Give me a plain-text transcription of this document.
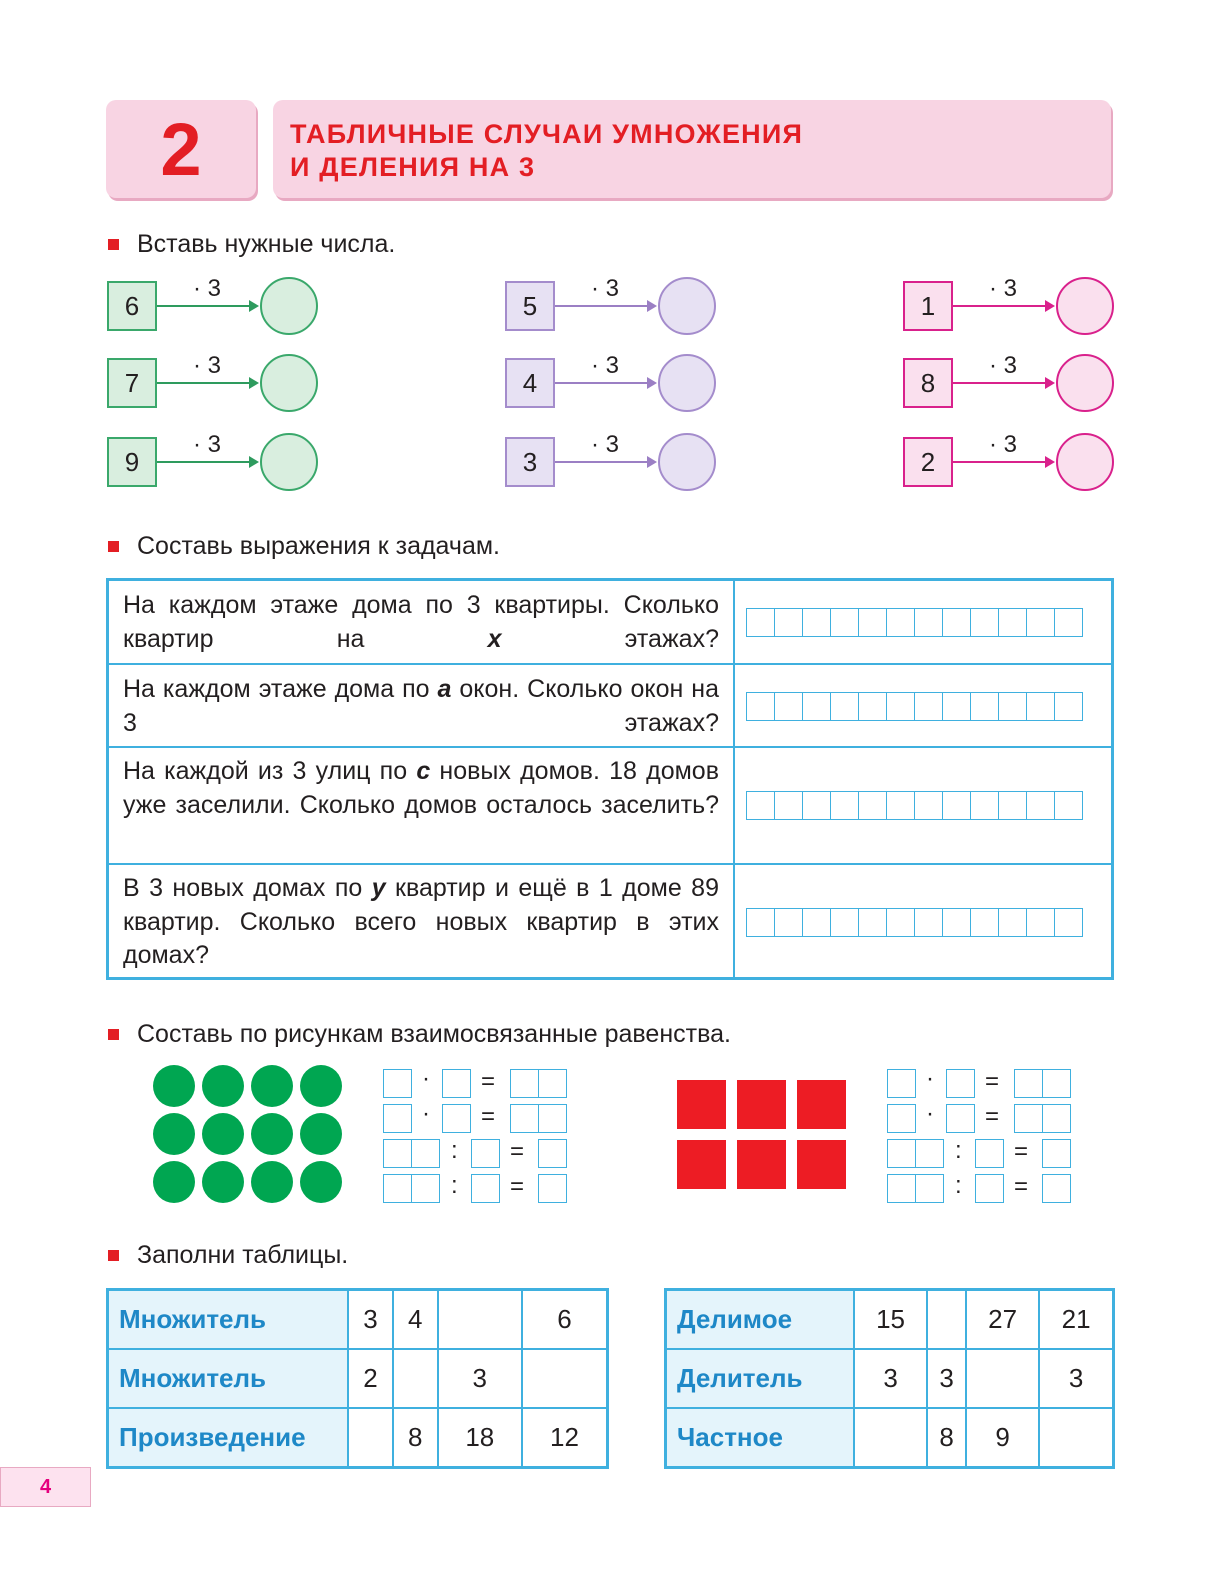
2	ТАБЛИЧНЫЕ СЛУЧАИ УМНОЖЕНИЯ
И ДЕЛЕНИЯ НА 3
Вставь нужные числа.
6
· 3
7
· 3
9
· 3
5
· 3
4
· 3
3
· 3
1
· 3
8
· 3
2
· 3
Составь выражения к задачам.
На каждом этаже дома по 3 квартиры. Сколько квартир на x этажах?
На каждом этаже дома по a окон. Сколько окон на 3 этажах?
На каждой из 3 улиц по c новых домов. 18 домов уже заселили. Сколько домов осталось заселить?
В 3 новых домах по y квартир и ещё в 1 доме 89 квартир. Сколько всего новых квартир в этих домах?
Составь по рисункам взаимосвязанные равенства.
· =
· =
: =
: =
· =
· =
: =
: =
Заполни таблицы.
Множитель	3	4		6
Множитель	2		3	
Произведение		8	18	12
Делимое	15		27	21
Делитель	3	3		3
Частное		8	9	
4
